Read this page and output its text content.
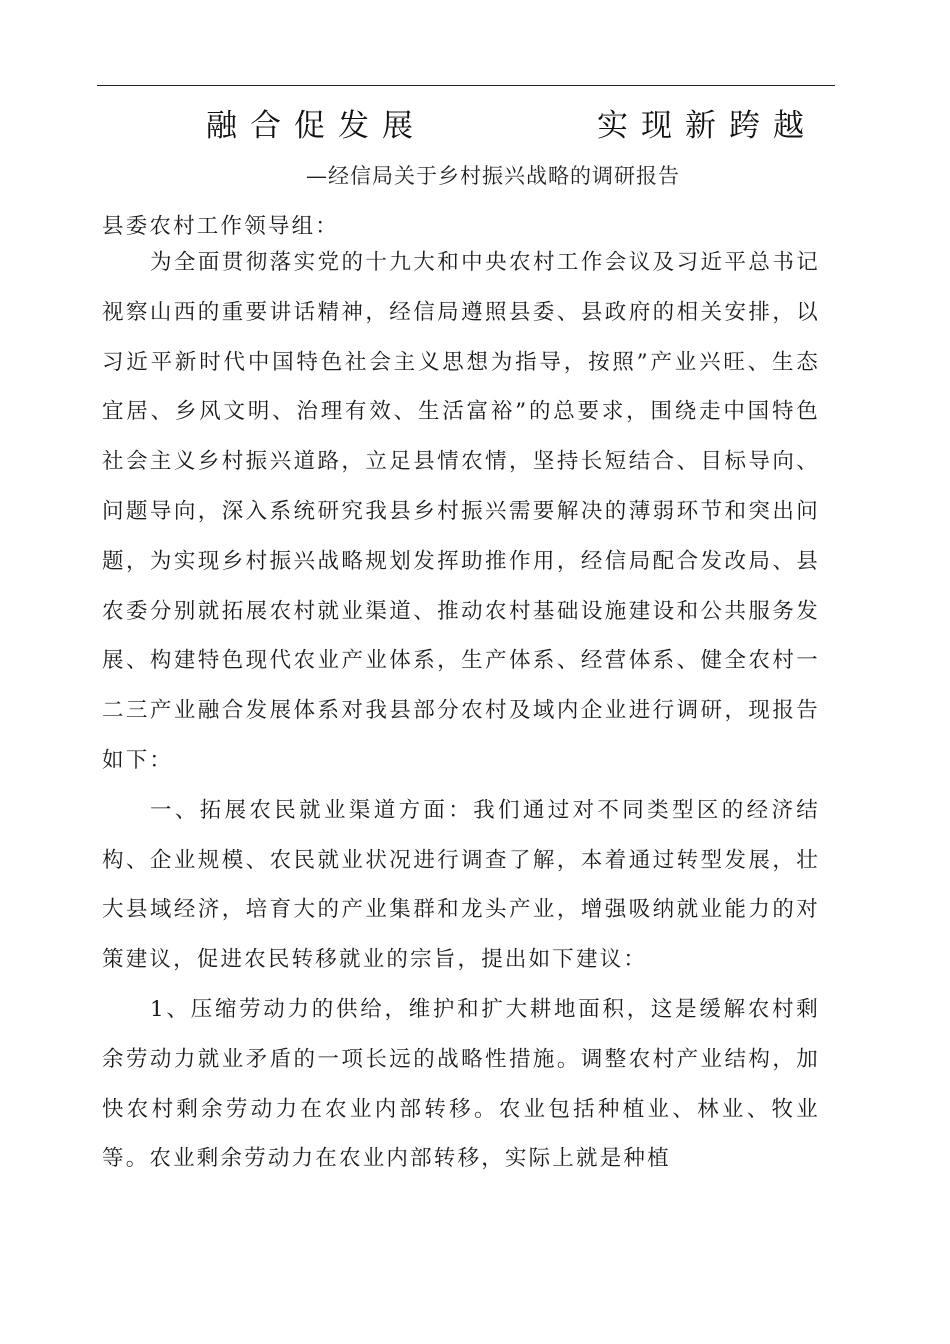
融合促发展	实现新跨越
—经信局关于乡村振兴战略的调研报告
县委农村工作领导组：

为全面贯彻落实党的十九大和中央农村工作会议及习近平总书记视察山西的重要讲话精神，经信局遵照县委、县政府的相关安排，以习近平新时代中国特色社会主义思想为指导，按照”产业兴旺、生态宜居、乡风文明、治理有效、生活富裕”的总要求，围绕走中国特色社会主义乡村振兴道路，立足县情农情，坚持长短结合、目标导向、问题导向，深入系统研究我县乡村振兴需要解决的薄弱环节和突出问题，为实现乡村振兴战略规划发挥助推作用，经信局配合发改局、县农委分别就拓展农村就业渠道、推动农村基础设施建设和公共服务发展、构建特色现代农业产业体系，生产体系、经营体系、健全农村一二三产业融合发展体系对我县部分农村及域内企业进行调研，现报告如下：

一、拓展农民就业渠道方面：我们通过对不同类型区的经济结构、企业规模、农民就业状况进行调查了解，本着通过转型发展，壮大县域经济，培育大的产业集群和龙头产业，增强吸纳就业能力的对策建议，促进农民转移就业的宗旨，提出如下建议：

1、压缩劳动力的供给，维护和扩大耕地面积，这是缓解农村剩余劳动力就业矛盾的一项长远的战略性措施。调整农村产业结构，加快农村剩余劳动力在农业内部转移。农业包括种植业、林业、牧业等。农业剩余劳动力在农业内部转移，实际上就是种植
